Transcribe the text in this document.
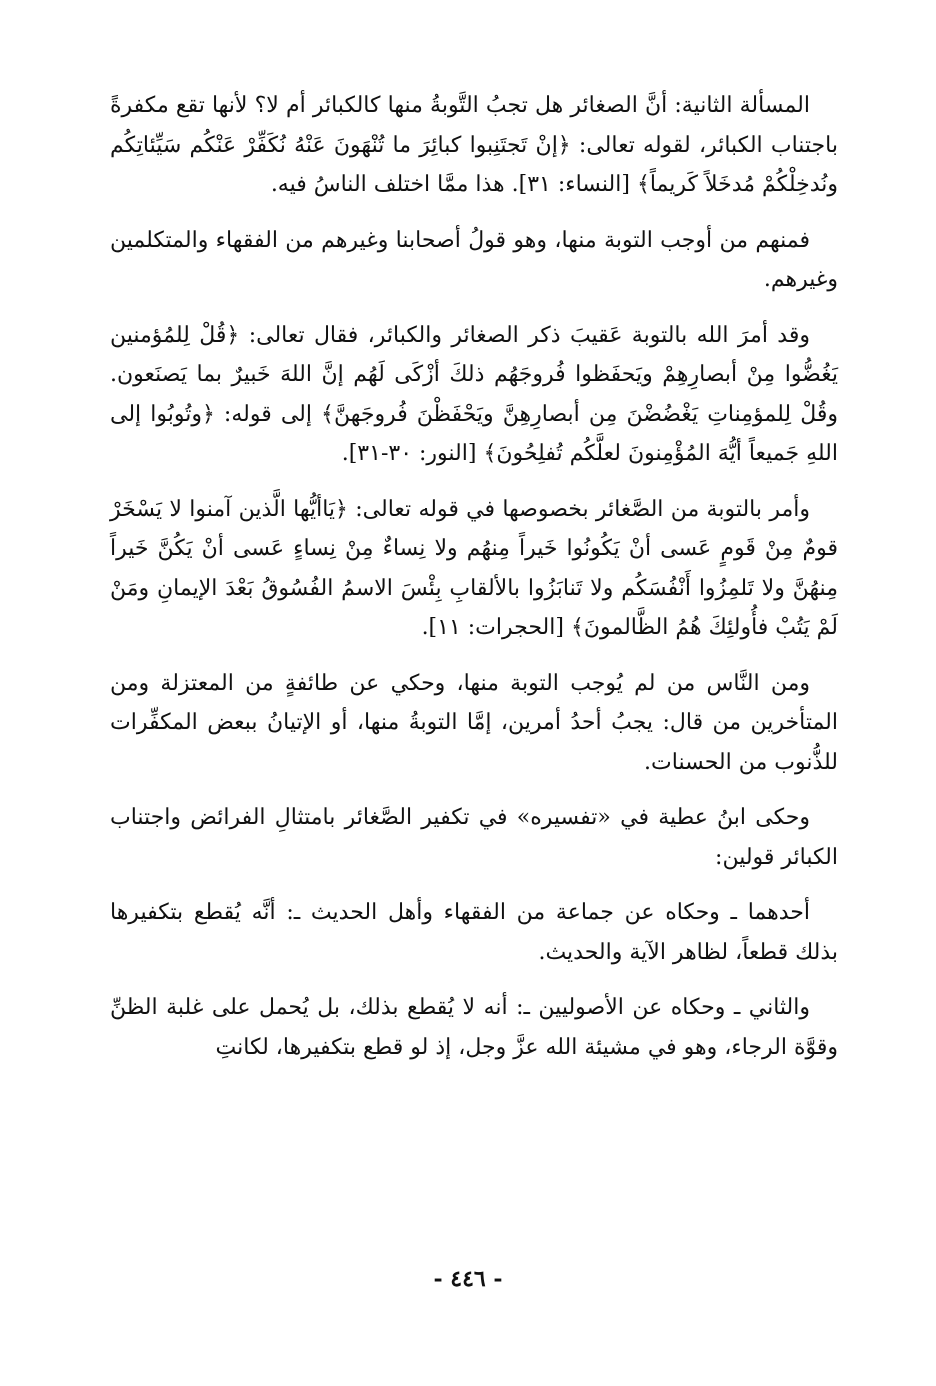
المسألة الثانية: أنَّ الصغائر هل تجبُ التَّوبةُ منها كالكبائر أم لا؟ لأنها تقع مكفرةً باجتناب الكبائر، لقوله تعالى: ﴿إنْ تَجتَنِبوا كبائِرَ ما تُنْهَونَ عَنْهُ نُكَفِّرْ عَنْكُم سَيِّئاتِكُم ونُدخِلْكُمْ مُدخَلاً كَريماً﴾ [النساء: ٣١]. هذا ممَّا اختلف الناسُ فيه.

فمنهم من أوجب التوبة منها، وهو قولُ أصحابنا وغيرهم من الفقهاء والمتكلمين وغيرهم.

وقد أمرَ الله بالتوبة عَقيبَ ذكر الصغائر والكبائر، فقال تعالى: ﴿قُلْ لِلمُؤمنين يَغُضُّوا مِنْ أبصارِهِمْ ويَحفَظوا فُروجَهُم ذلكَ أزْكَى لَهُم إنَّ اللهَ خَبيرٌ بما يَصنَعون. وقُلْ لِلمؤمِناتِ يَغْضُضْنَ مِن أبصارِهِنَّ ويَحْفَظْنَ فُروجَهنَّ﴾ إلى قوله: ﴿وتُوبُوا إلى اللهِ جَميعاً أيُّهَ المُؤْمِنونَ لعلَّكُم تُفلِحُونَ﴾ [النور: ٣٠-٣١].

وأمر بالتوبة من الصَّغائر بخصوصها في قوله تعالى: ﴿يَاأيُّها الَّذين آمنوا لا يَسْخَرْ قومٌ مِنْ قَومٍ عَسى أنْ يَكُونُوا خَيراً مِنهُم ولا نِساءٌ مِنْ نِساءٍ عَسى أنْ يَكُنَّ خَيراً مِنهُنَّ ولا تَلمِزُوا أَنْفُسَكُم ولا تَنابَزُوا بالألقابِ بِئْسَ الاسمُ الفُسُوقُ بَعْدَ الإيمانِ ومَنْ لَمْ يَتُبْ فأُولئِكَ هُمُ الظَّالمونَ﴾ [الحجرات: ١١].

ومن النَّاس من لم يُوجب التوبة منها، وحكي عن طائفةٍ من المعتزلة ومن المتأخرين من قال: يجبُ أحدُ أمرين، إمَّا التوبةُ منها، أو الإتيانُ ببعض المكفِّرات للذُّنوب من الحسنات.

وحكى ابنُ عطية في «تفسيره» في تكفير الصَّغائر بامتثالِ الفرائض واجتناب الكبائر قولين:

أحدهما ـ وحكاه عن جماعة من الفقهاء وأهل الحديث ـ: أنَّه يُقطع بتكفيرها بذلك قطعاً، لظاهر الآية والحديث.

والثاني ـ وحكاه عن الأصوليين ـ: أنه لا يُقطع بذلك، بل يُحمل على غلبة الظنِّ وقوَّة الرجاء، وهو في مشيئة الله عزَّ وجل، إذ لو قطع بتكفيرها، لكانتِ

- ٤٤٦ -
